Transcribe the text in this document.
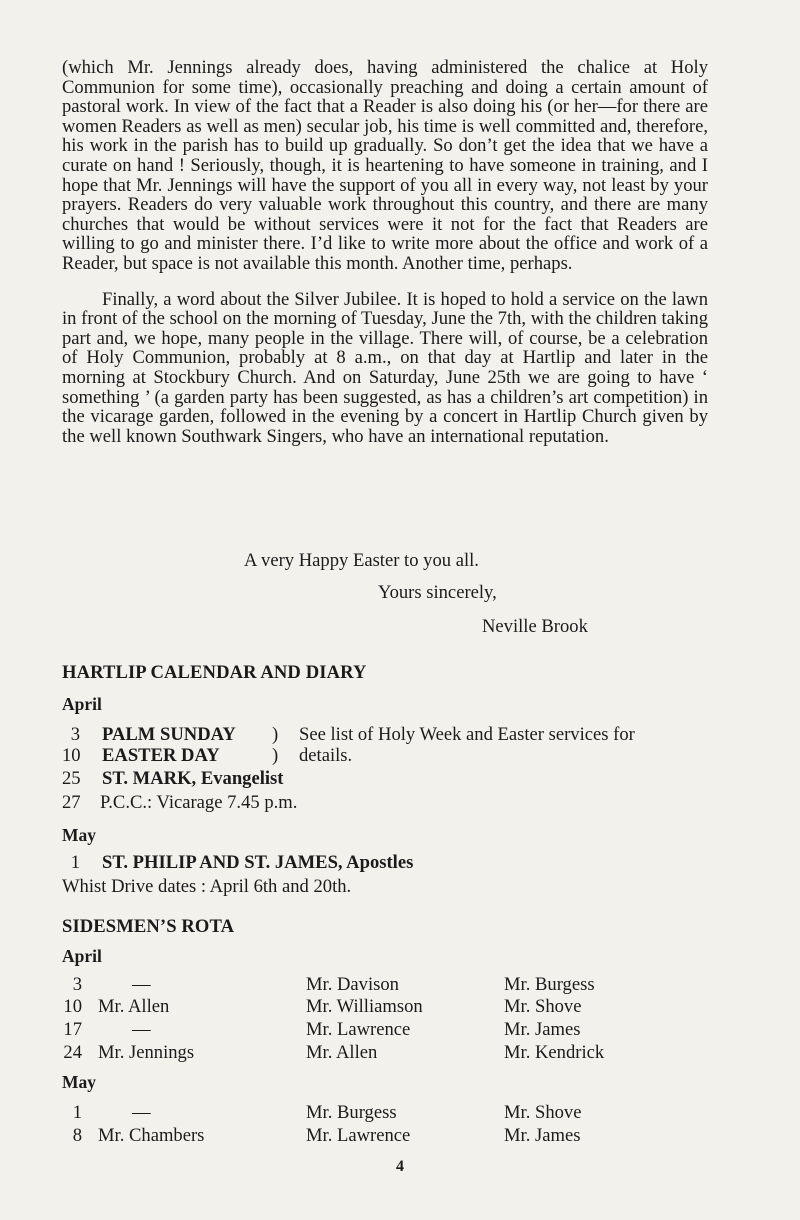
(which Mr. Jennings already does, having administered the chalice at Holy Communion for some time), occasionally preaching and doing a certain amount of pastoral work. In view of the fact that a Reader is also doing his (or her—for there are women Readers as well as men) secular job, his time is well committed and, therefore, his work in the parish has to build up gradually. So don’t get the idea that we have a curate on hand ! Seriously, though, it is heartening to have someone in training, and I hope that Mr. Jennings will have the support of you all in every way, not least by your prayers. Readers do very valuable work throughout this country, and there are many churches that would be without services were it not for the fact that Readers are willing to go and minister there. I’d like to write more about the office and work of a Reader, but space is not available this month. Another time, perhaps.

Finally, a word about the Silver Jubilee. It is hoped to hold a service on the lawn in front of the school on the morning of Tuesday, June the 7th, with the children taking part and, we hope, many people in the village. There will, of course, be a celebration of Holy Communion, probably at 8 a.m., on that day at Hartlip and later in the morning at Stockbury Church. And on Saturday, June 25th we are going to have ‘ something ’ (a garden party has been suggested, as has a children’s art competition) in the vicarage garden, followed in the evening by a concert in Hartlip Church given by the well known Southwark Singers, who have an international reputation.

A very Happy Easter to you all.
Yours sincerely,
Neville Brook
HARTLIP CALENDAR AND DIARY
April
3 PALM SUNDAY ) See list of Holy Week and Easter services for
10 EASTER DAY	) details.
25 ST. MARK, Evangelist
27 P.C.C.: Vicarage 7.45 p.m.
May
1 ST. PHILIP AND ST. JAMES, Apostles
Whist Drive dates : April 6th and 20th.
SIDESMEN’S ROTA
April
3	—	Mr. Davison	Mr. Burgess
10 Mr. Allen	Mr. Williamson	Mr. Shove
17	—	Mr. Lawrence	Mr. James
24 Mr. Jennings	Mr. Allen	Mr. Kendrick
May
1	—	Mr. Burgess	Mr. Shove
8 Mr. Chambers	Mr. Lawrence	Mr. James
4
